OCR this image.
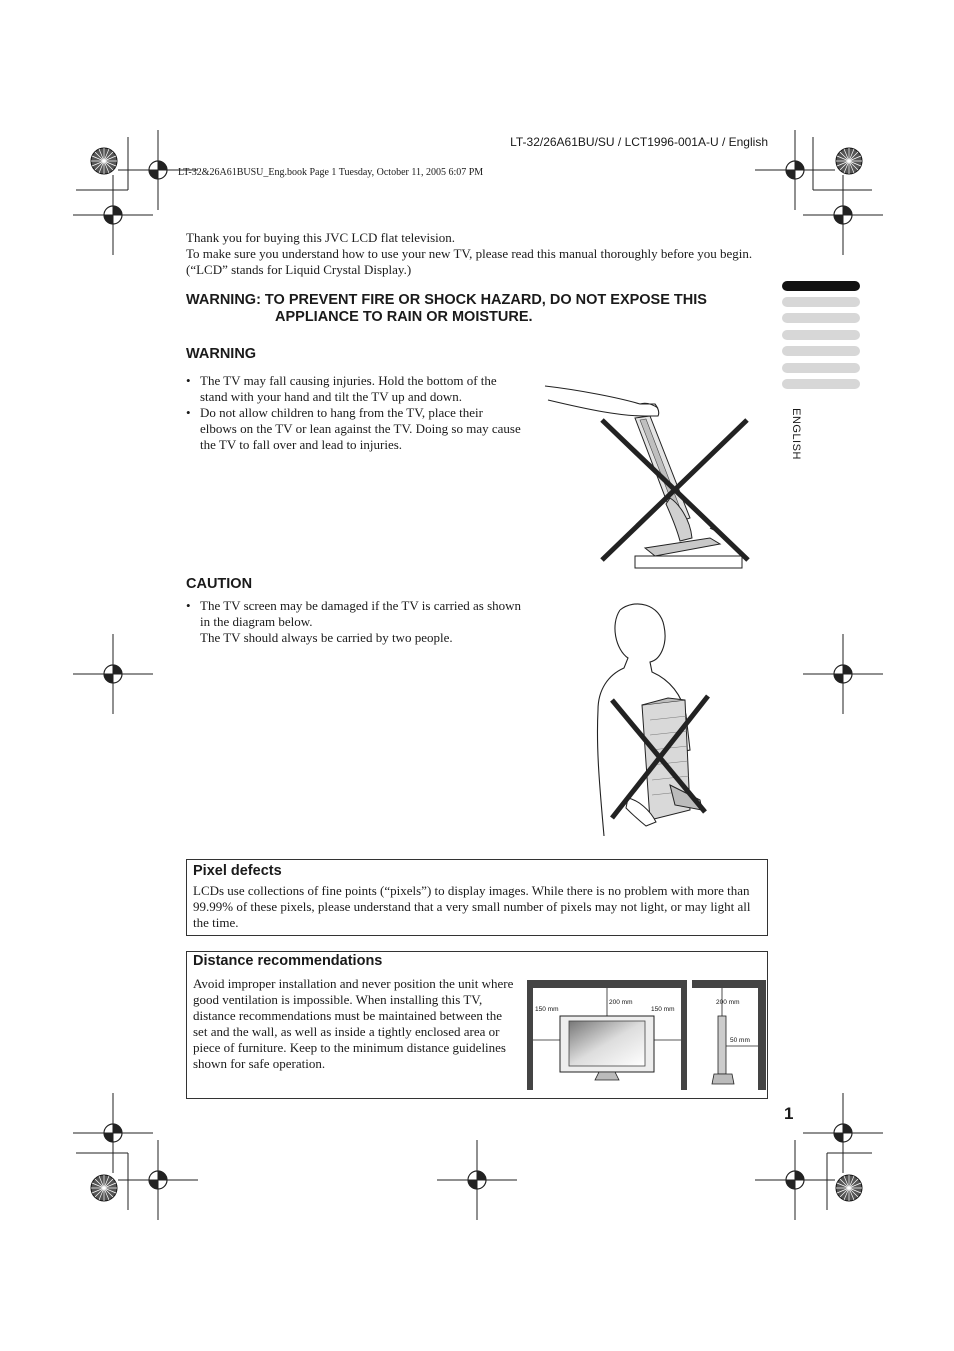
LT-32/26A61BU/SU / LCT1996-001A-U / English
LT-32&26A61BUSU_Eng.book Page 1 Tuesday, October 11, 2005 6:07 PM
ENGLISH

Thank you for buying this JVC LCD flat television.

To make sure you understand how to use your new TV, please read this manual thoroughly before you begin. (“LCD” stands for Liquid Crystal Display.)

WARNING: TO PREVENT FIRE OR SHOCK HAZARD, DO NOT EXPOSE THIS
APPLIANCE TO RAIN OR MOISTURE.
WARNING
• The TV may fall causing injuries. Hold the bottom of the stand with your hand and tilt the TV up and down.
• Do not allow children to hang from the TV, place their elbows on the TV or lean against the TV. Doing so may cause the TV to fall over and lead to injuries.
CAUTION
• The TV screen may be damaged if the TV is carried as shown in the diagram below.
The TV should always be carried by two people.
Pixel defects
LCDs use collections of fine points (“pixels”) to display images. While there is no problem with more than 99.99% of these pixels, please understand that a very small number of pixels may not light, or may light all the time.
Distance recommendations
Avoid improper installation and never position the unit where good ventilation is impossible. When installing this TV, distance recommendations must be maintained between the set and the wall, as well as inside a tightly enclosed area or piece of furniture. Keep to the minimum distance guidelines shown for safe operation.
150 mm
200 mm
150 mm
200 mm
50 mm
1
